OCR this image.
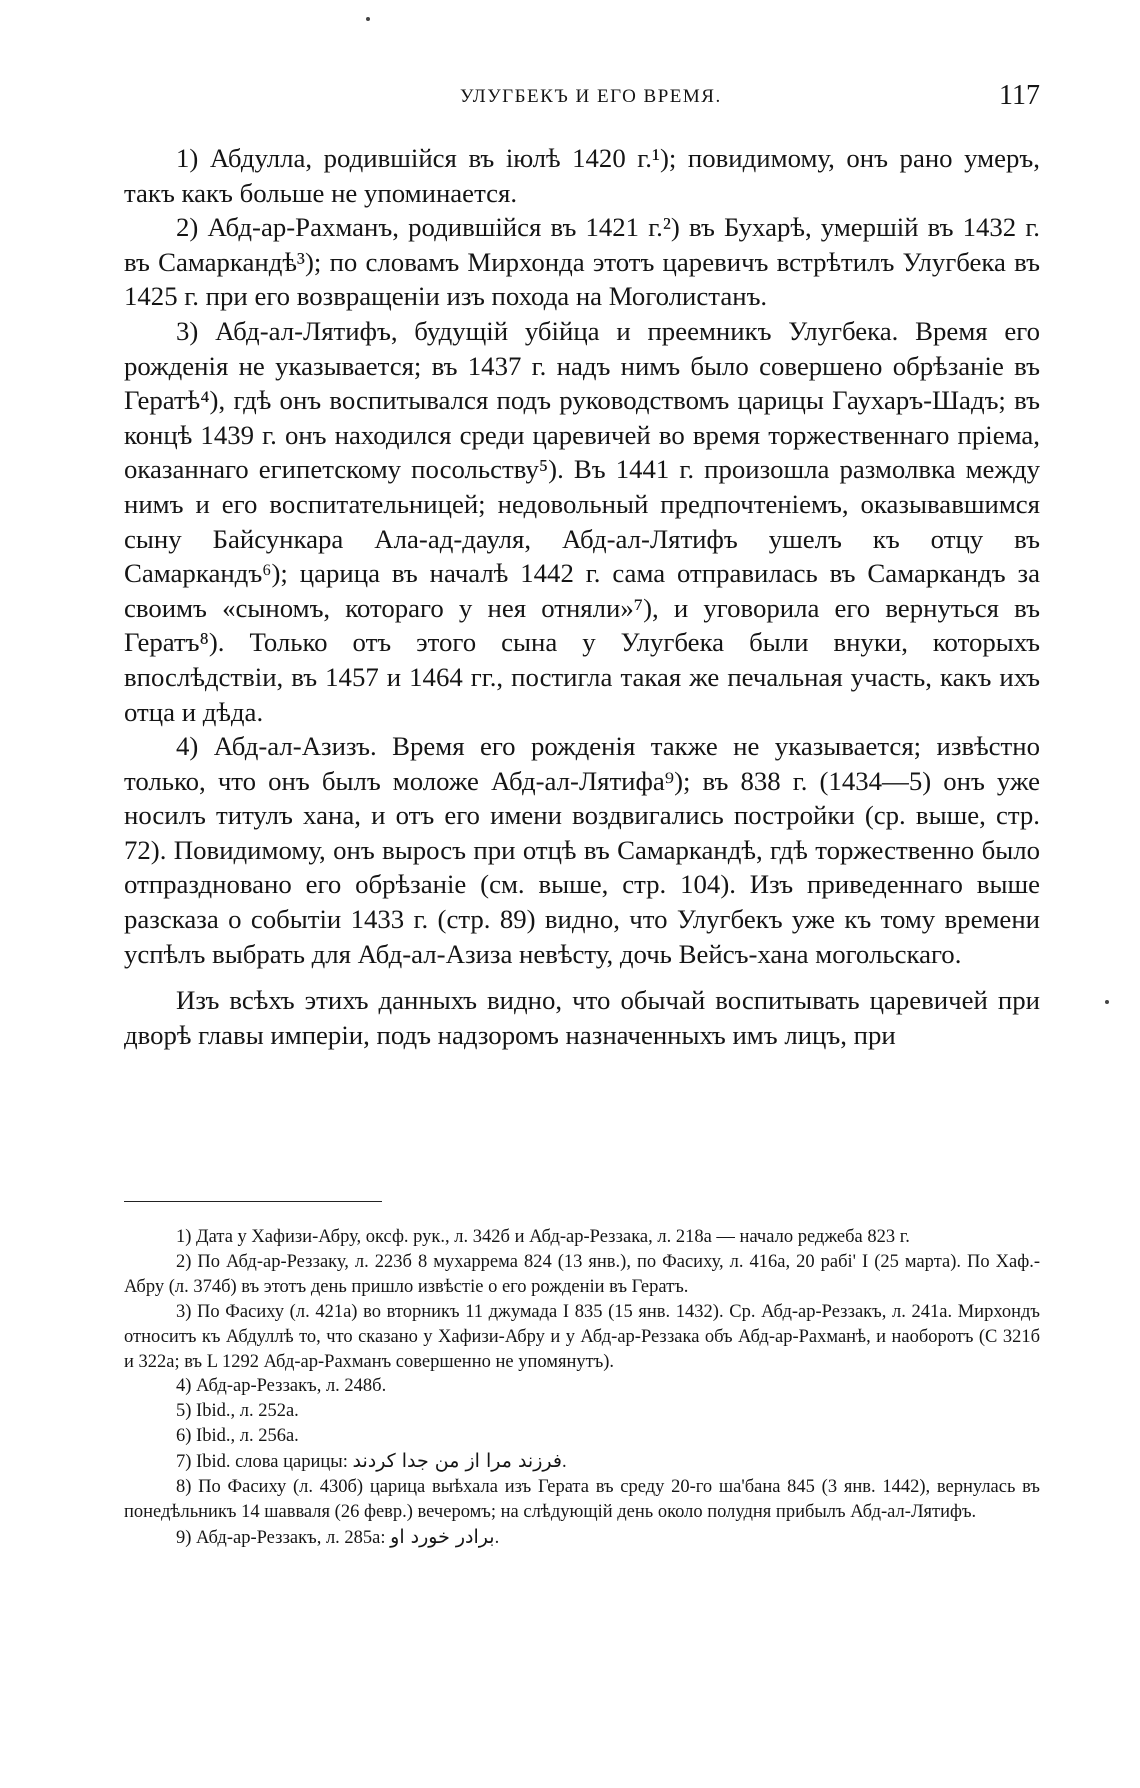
УЛУГБЕКЪ И ЕГО ВРЕМЯ.	117

1) Абдулла, родившійся въ іюлѣ 1420 г.¹); повидимому, онъ рано умеръ, такъ какъ больше не упоминается.

2) Абд-ар-Рахманъ, родившійся въ 1421 г.²) въ Бухарѣ, умершій въ 1432 г. въ Самаркандѣ³); по словамъ Мирхонда этотъ царевичъ встрѣтилъ Улугбека въ 1425 г. при его возвращеніи изъ похода на Моголистанъ.

3) Абд-ал-Лятифъ, будущій убійца и преемникъ Улугбека. Время его рожденія не указывается; въ 1437 г. надъ нимъ было совершено обрѣзаніе въ Гератѣ⁴), гдѣ онъ воспитывался подъ руководствомъ царицы Гаухаръ-Шадъ; въ концѣ 1439 г. онъ находился среди царевичей во время торжественнаго пріема, оказаннаго египетскому посольству⁵). Въ 1441 г. произошла размолвка между нимъ и его воспитательницей; недовольный предпочтеніемъ, оказывавшимся сыну Байсункара Ала-ад-дауля, Абд-ал-Лятифъ ушелъ къ отцу въ Самаркандъ⁶); царица въ началѣ 1442 г. сама отправилась въ Самаркандъ за своимъ «сыномъ, котораго у нея отняли»⁷), и уговорила его вернуться въ Гератъ⁸). Только отъ этого сына у Улугбека были внуки, которыхъ впослѣдствіи, въ 1457 и 1464 гг., постигла такая же печальная участь, какъ ихъ отца и дѣда.

4) Абд-ал-Азизъ. Время его рожденія также не указывается; извѣстно только, что онъ былъ моложе Абд-ал-Лятифа⁹); въ 838 г. (1434—5) онъ уже носилъ титулъ хана, и отъ его имени воздвигались постройки (ср. выше, стр. 72). Повидимому, онъ выросъ при отцѣ въ Самаркандѣ, гдѣ торжественно было отпраздновано его обрѣзаніе (см. выше, стр. 104). Изъ приведеннаго выше разсказа о событіи 1433 г. (стр. 89) видно, что Улугбекъ уже къ тому времени успѣлъ выбрать для Абд-ал-Азиза невѣсту, дочь Вейсъ-хана могольскаго.

Изъ всѣхъ этихъ данныхъ видно, что обычай воспитывать царевичей при дворѣ главы имперіи, подъ надзоромъ назначенныхъ имъ лицъ, при

1) Дата у Хафизи-Абру, оксф. рук., л. 342б и Абд-ар-Реззака, л. 218а — начало реджеба 823 г.

2) По Абд-ар-Реззаку, л. 223б 8 мухаррема 824 (13 янв.), по Фасиху, л. 416а, 20 рабі' I (25 марта). По Хаф.-Абру (л. 374б) въ этотъ день пришло извѣстіе о его рожденіи въ Гератъ.

3) По Фасиху (л. 421а) во вторникъ 11 джумада I 835 (15 янв. 1432). Ср. Абд-ар-Реззакъ, л. 241а. Мирхондъ относитъ къ Абдуллѣ то, что сказано у Хафизи-Абру и у Абд-ар-Реззака объ Абд-ар-Рахманѣ, и наоборотъ (С 321б и 322а; въ L 1292 Абд-ар-Рахманъ совершенно не упомянутъ).

4) Абд-ар-Реззакъ, л. 248б.

5) Ibid., л. 252а.

6) Ibid., л. 256а.

7) Ibid. слова царицы: فرزند مرا از من جدا كردند.

8) По Фасиху (л. 430б) царица выѣхала изъ Герата въ среду 20-го ша'бана 845 (3 янв. 1442), вернулась въ понедѣльникъ 14 шавваля (26 февр.) вечеромъ; на слѣдующій день около полудня прибылъ Абд-ал-Лятифъ.

9) Абд-ар-Реззакъ, л. 285а: برادر خورد او.
